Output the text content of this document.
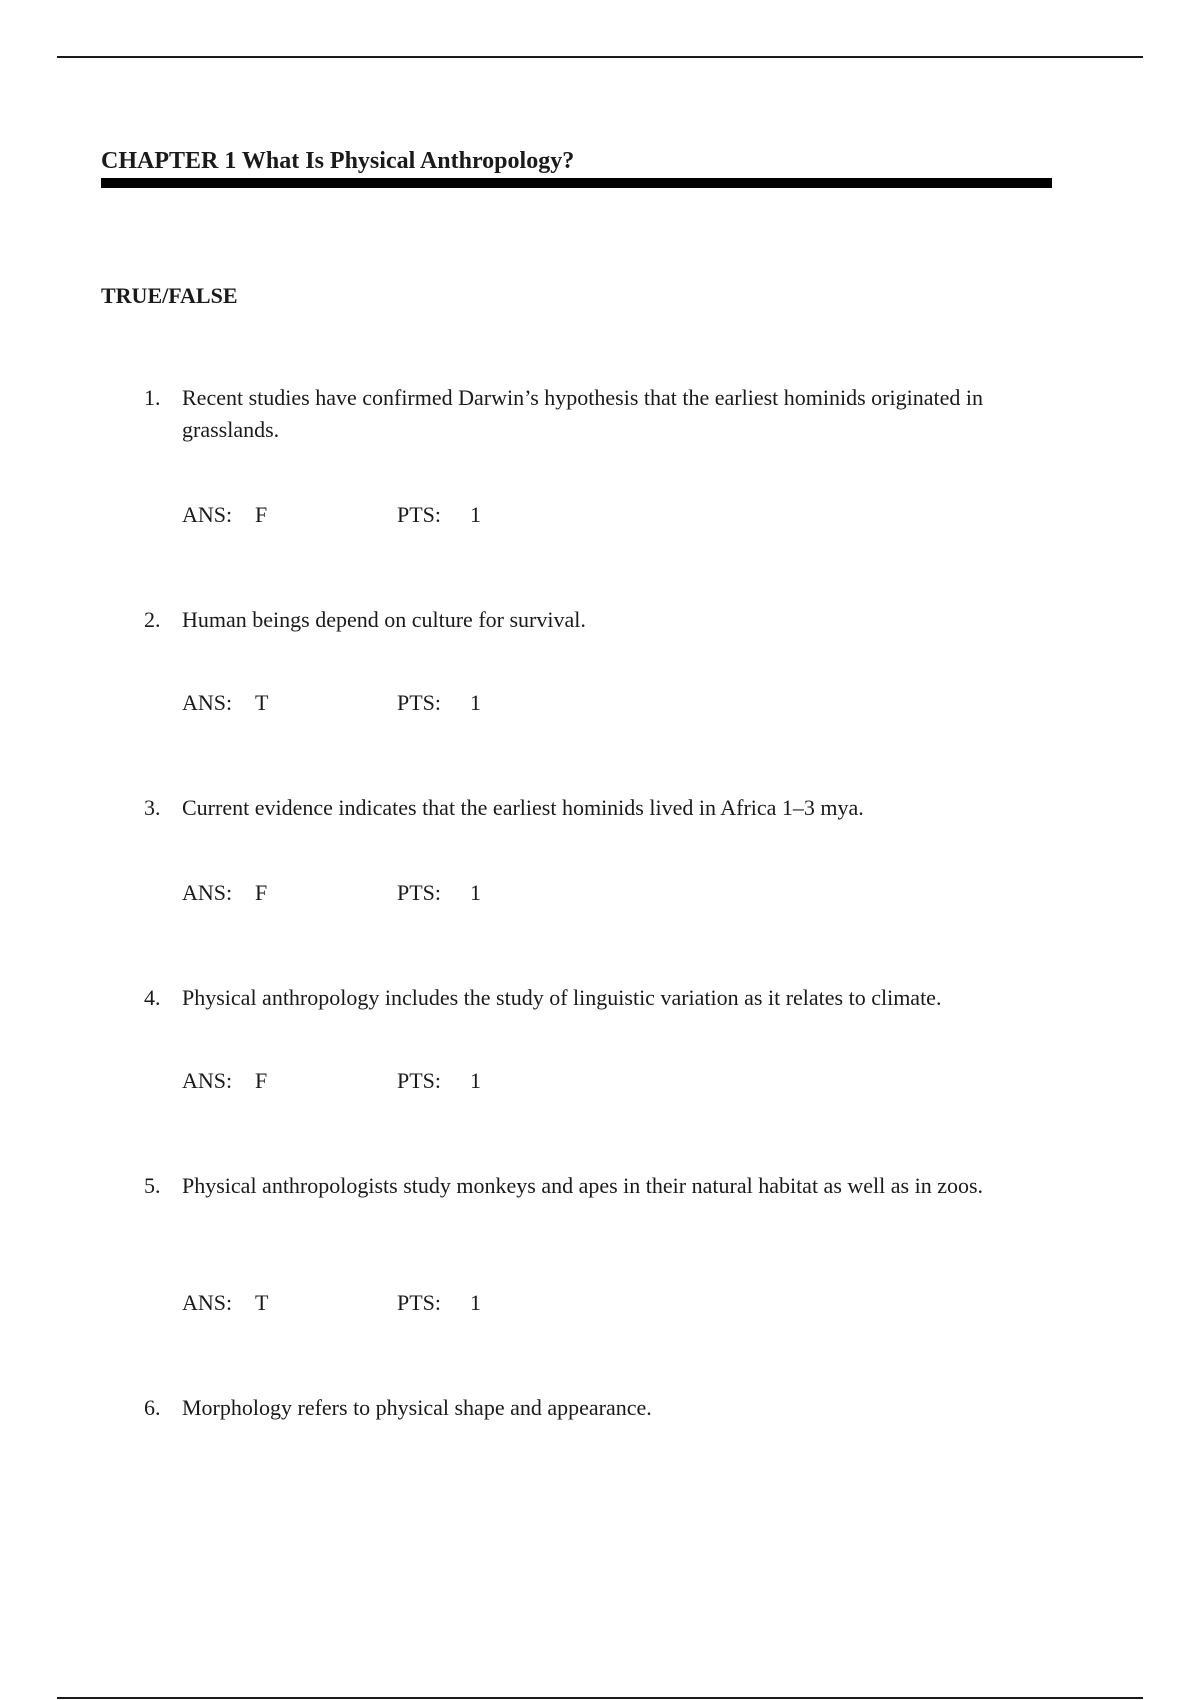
CHAPTER 1 What Is Physical Anthropology?
TRUE/FALSE
1. Recent studies have confirmed Darwin’s hypothesis that the earliest hominids originated in grasslands.
ANS: F	PTS: 1
2. Human beings depend on culture for survival.
ANS: T	PTS: 1
3. Current evidence indicates that the earliest hominids lived in Africa 1–3 mya.
ANS: F	PTS: 1
4. Physical anthropology includes the study of linguistic variation as it relates to climate.
ANS: F	PTS: 1
5. Physical anthropologists study monkeys and apes in their natural habitat as well as in zoos.
ANS: T	PTS: 1
6. Morphology refers to physical shape and appearance.
